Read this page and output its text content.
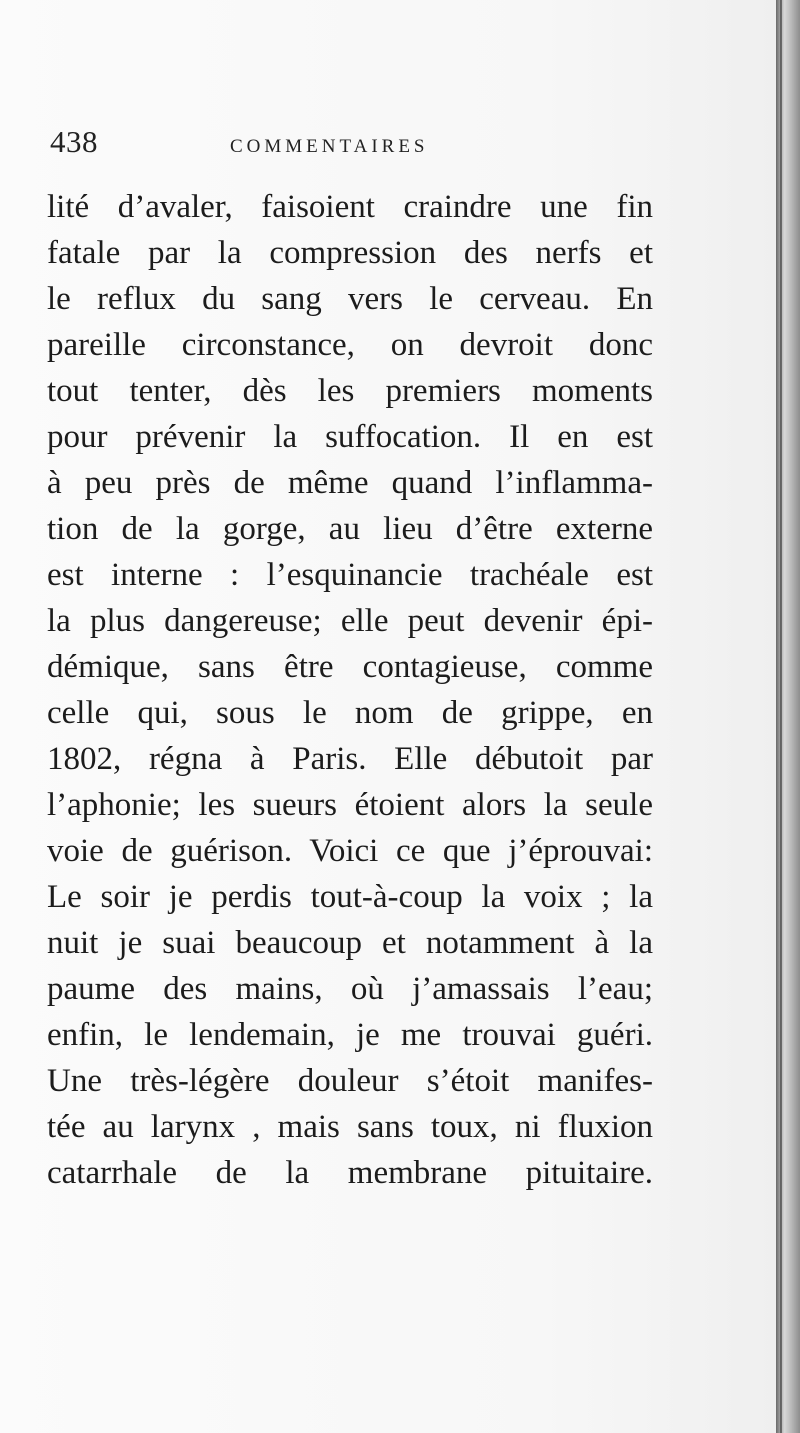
438	COMMENTAIRES
lité d’avaler, faisoient craindre une fin
fatale par la compression des nerfs et
le reflux du sang vers le cerveau. En
pareille circonstance, on devroit donc
tout tenter, dès les premiers moments
pour prévenir la suffocation. Il en est
à peu près de même quand l’inflamma-
tion de la gorge, au lieu d’être externe
est interne : l’esquinancie trachéale est
la plus dangereuse; elle peut devenir épi-
démique, sans être contagieuse, comme
celle qui, sous le nom de grippe, en
1802, régna à Paris. Elle débutoit par
l’aphonie; les sueurs étoient alors la seule
voie de guérison. Voici ce que j’éprouvai:
Le soir je perdis tout-à-coup la voix ; la
nuit je suai beaucoup et notamment à la
paume des mains, où j’amassais l’eau;
enfin, le lendemain, je me trouvai guéri.
Une très-légère douleur s’étoit manifes-
tée au larynx , mais sans toux, ni fluxion
catarrhale de la membrane pituitaire.
